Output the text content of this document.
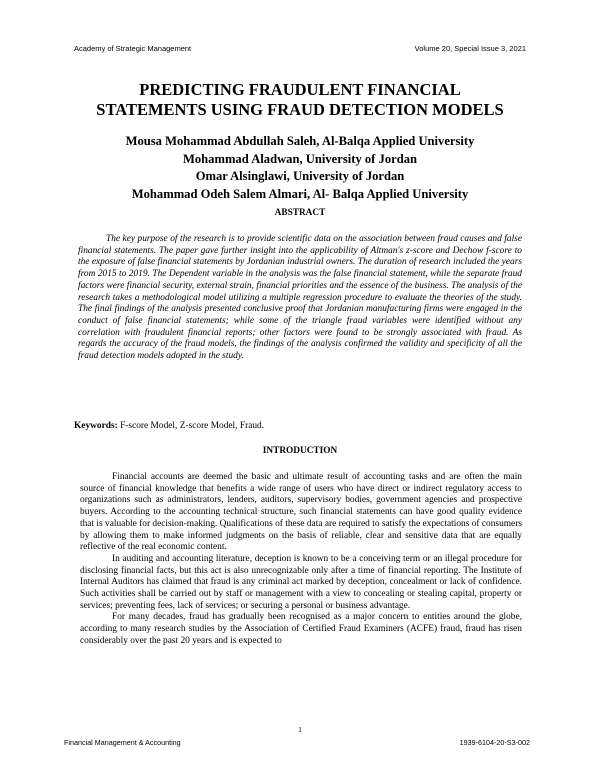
Academy of Strategic Management	Volume 20, Special Issue 3, 2021
PREDICTING FRAUDULENT FINANCIAL
STATEMENTS USING FRAUD DETECTION MODELS
Mousa Mohammad Abdullah Saleh, Al-Balqa Applied University
Mohammad Aladwan, University of Jordan
Omar Alsinglawi, University of Jordan
Mohammad Odeh Salem Almari, Al- Balqa Applied University
ABSTRACT

The key purpose of the research is to provide scientific data on the association between fraud causes and false financial statements. The paper gave further insight into the applicability of Altman's z-score and Dechow f-score to the exposure of false financial statements by Jordanian industrial owners. The duration of research included the years from 2015 to 2019. The Dependent variable in the analysis was the false financial statement, while the separate fraud factors were financial security, external strain, financial priorities and the essence of the business. The analysis of the research takes a methodological model utilizing a multiple regression procedure to evaluate the theories of the study. The final findings of the analysis presented conclusive proof that Jordanian manufacturing firms were engaged in the conduct of false financial statements; while some of the triangle fraud variables were identified without any correlation with fraudulent financial reports; other factors were found to be strongly associated with fraud. As regards the accuracy of the fraud models, the findings of the analysis confirmed the validity and specificity of all the fraud detection models adopted in the study.

Keywords: F-score Model, Z-score Model, Fraud.

INTRODUCTION

Financial accounts are deemed the basic and ultimate result of accounting tasks and are often the main source of financial knowledge that benefits a wide range of users who have direct or indirect regulatory access to organizations such as administrators, lenders, auditors, supervisory bodies, government agencies and prospective buyers. According to the accounting technical structure, such financial statements can have good quality evidence that is valuable for decision-making. Qualifications of these data are required to satisfy the expectations of consumers by allowing them to make informed judgments on the basis of reliable, clear and sensitive data that are equally reflective of the real economic content.

In auditing and accounting literature, deception is known to be a conceiving term or an illegal procedure for disclosing financial facts, but this act is also unrecognizable only after a time of financial reporting. The Institute of Internal Auditors has claimed that fraud is any criminal act marked by deception, concealment or lack of confidence. Such activities shall be carried out by staff or management with a view to concealing or stealing capital, property or services; preventing fees, lack of services; or securing a personal or business advantage.

For many decades, fraud has gradually been recognised as a major concern to entities around the globe, according to many research studies by the Association of Certified Fraud Examiners (ACFE) fraud, fraud has risen considerably over the past 20 years and is expected to

1
Financial Management & Accounting	1939-6104-20-S3-002
